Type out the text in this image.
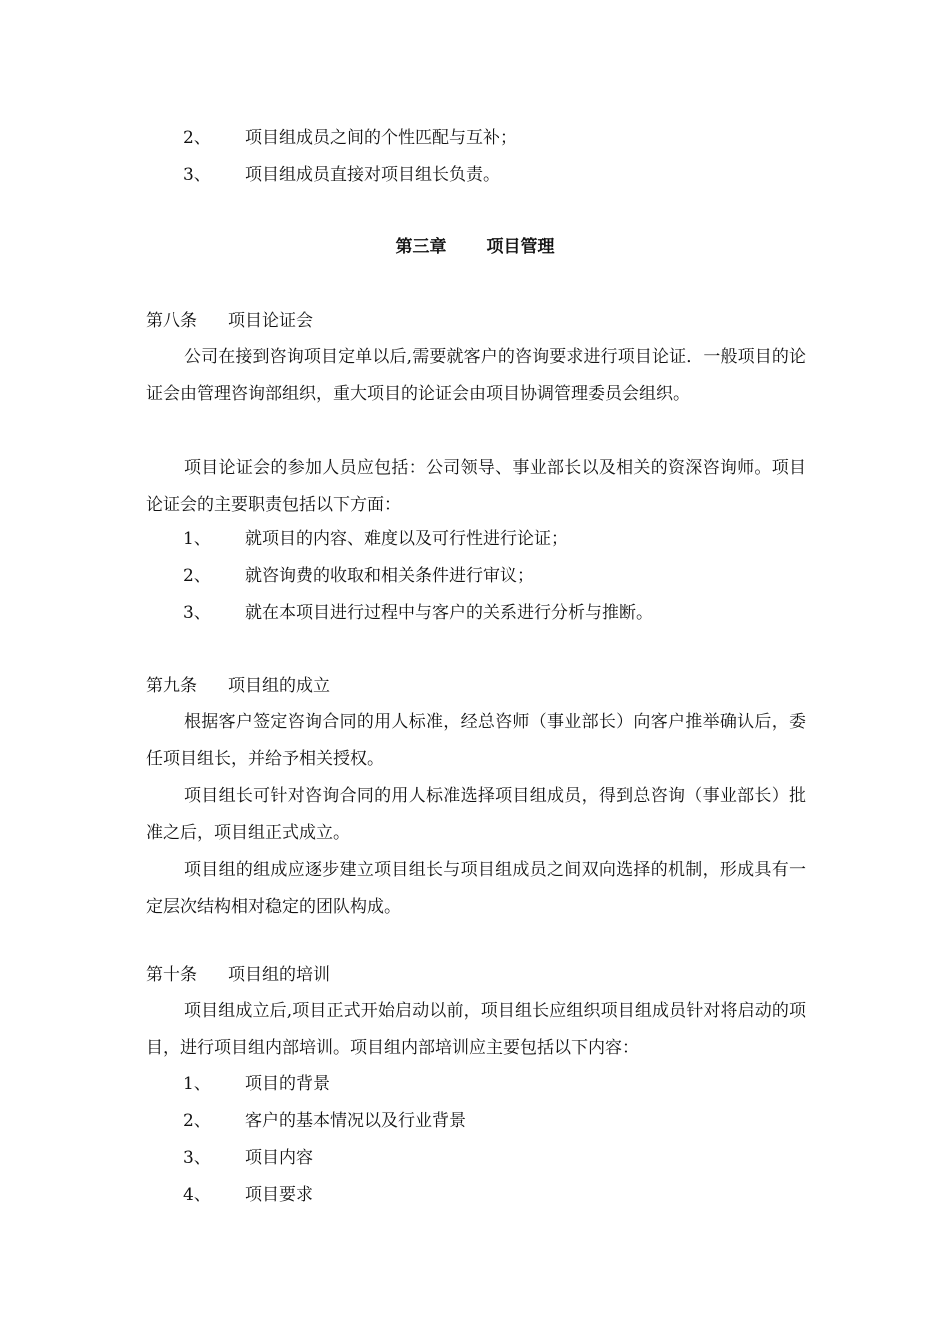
2、 项目组成员之间的个性匹配与互补；
3、 项目组成员直接对项目组长负责。
第三章 项目管理
第八条 项目论证会

公司在接到咨询项目定单以后,需要就客户的咨询要求进行项目论证．一般项目的论证会由管理咨询部组织，重大项目的论证会由项目协调管理委员会组织。

项目论证会的参加人员应包括：公司领导、事业部长以及相关的资深咨询师。项目论证会的主要职责包括以下方面：

1、 就项目的内容、难度以及可行性进行论证；
2、 就咨询费的收取和相关条件进行审议；
3、 就在本项目进行过程中与客户的关系进行分析与推断。
第九条 项目组的成立

根据客户签定咨询合同的用人标准，经总咨师（事业部长）向客户推举确认后，委任项目组长，并给予相关授权。

项目组长可针对咨询合同的用人标准选择项目组成员，得到总咨询（事业部长）批准之后，项目组正式成立。

项目组的组成应逐步建立项目组长与项目组成员之间双向选择的机制，形成具有一定层次结构相对稳定的团队构成。

第十条 项目组的培训

项目组成立后,项目正式开始启动以前，项目组长应组织项目组成员针对将启动的项目，进行项目组内部培训。项目组内部培训应主要包括以下内容：

1、 项目的背景
2、 客户的基本情况以及行业背景
3、 项目内容
4、 项目要求
